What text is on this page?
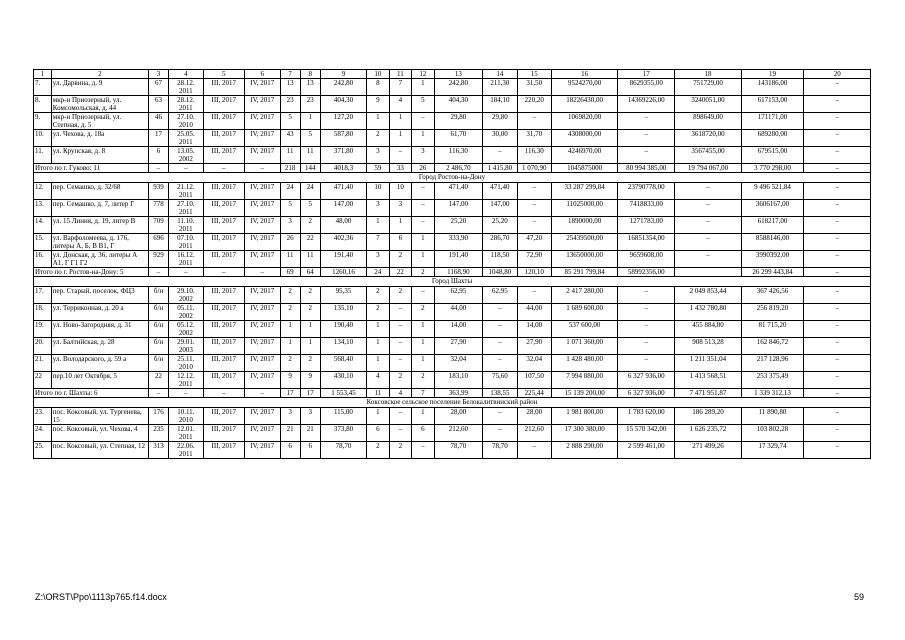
1	2	3	4	5	6	7	8	9	10	11	12	13	14	15	16	17	18	19	20
7.	ул. Дарвина, д. 9	67	28.12. 2011	III, 2017	IV, 2017	13	13	242,80	8	7	1	242,80	211,30	31,50	9524270,00	8629355,00	751729,00	143186,00	–
8.	мкр-н Приозерный, ул. Комсомольская, д. 44	63	28.12. 2011	III, 2017	IV, 2017	23	23	404,30	9	4	5	404,30	184,10	220,20	18226430,00	14369226,00	3240051,00	617153,00	–
9.	мкр-н Приозерный, ул. Степная, д. 5	46	27.10. 2010	III, 2017	IV, 2017	5	1	127,20	1	1	–	29,80	29,80	–	1069820,00	–	898649,00	171171,00	–
10.	ул. Чехова, д. 18а	17	25.05. 2011	III, 2017	IV, 2017	43	5	587,80	2	1	1	61,70	30,00	31,70	4308000,00	–	3618720,00	689280,00	–
11.	ул. Крупская, д. 8	6	13.05. 2002	III, 2017	IV, 2017	11	11	371,80	3	–	3	116,30	–	116,30	4246970,00	–	3567455,00	679515,00	–
Итого по г. Гуково: 11		–	–	–	–	218	144	4018,3	59	33	26	2 486,70	1 415,80	1 070,90	1045875000	80 994 385,00	19 794 067,00	3 770 298,00	–
Город Ростов-на-Дону																			
12.	пер. Семашко, д. 32/68	939	21.12. 2011	III, 2017	IV, 2017	24	24	471,40	10	10	–	471,40	471,40	–	33 287 299,84	23790778,00	–	9 496 521,84	–
13.	пер. Семашко, д. 7, литер Г	778	27.10. 2011	III, 2017	IV, 2017	5	5	147,00	3	3	–	147,00	147,00	–	11025000,00	7418833,00	–	3606167,00	–
14.	ул. 15 Линия, д. 19, литер В	709	11.10. 2011	III, 2017	IV, 2017	3	2	48,00	1	1	–	25,20	25,20	–	1890000,00	1271783,00	–	618217,00	–
15.	ул. Варфоломеева, д. 176, литеры А, Б, В В1, Г	696	07.10. 2011	III, 2017	IV, 2017	26	22	402,36	7	6	1	333,90	286,70	47,20	25439500,00	16851354,00	–	8588146,00	–
16.	ул. Донская, д. 36, литеры А А1, Г Г1 Г2	929	16.12. 2011	III, 2017	IV, 2017	11	11	191,40	3	2	1	191,40	118,50	72,90	13650000,00	9659608,00	–	3990392,00	–
Итого по г. Ростов-на-Дону: 5		–	–	–	–	69	64	1260,16	24	22	2	1168,90	1048,80	120,10	85 291 799,84	58992356,00		26 299 443,84	–
Город Шахты																			
17.	пер. Старый, поселок, ФЦ3	б/н	29.10. 2002	III, 2017	IV, 2017	2	2	95,35	2	2	–	62,95	62,95	–	2 417 280,00	–	2 049 853,44	367 426,56	–
18.	ул. Терриконная, д. 20 а	б/н	05.11. 2002	III, 2017	IV, 2017	2	2	135,10	2	–	2	44,00	–	44,00	1 689 600,00	–	1 432 780,80	256 819,20	–
19.	ул. Ново-Загородняя, д. 31	б/н	05.12. 2002	III, 2017	IV, 2017	1	1	190,40	1	–	1	14,00	–	14,00	537 600,00	–	455 884,80	81 715,20	–
20.	ул. Балтийская, д. 28	б/н	29.01. 2003	III, 2017	IV, 2017	1	1	134,10	1	–	1	27,90	–	27,90	1 071 360,00	–	908 513,28	162 846,72	–
21.	ул. Володарского, д. 59 а	б/н	25.11. 2010	III, 2017	IV, 2017	2	2	568,40	1	–	1	32,04	–	32,04	1 428 480,00	–	1 211 351,04	217 128,96	–
22	пер.10 лет Октября, 5	22	12.12. 2011	III, 2017	IV, 2017	9	9	430,10	4	2	2	183,10	75,60	107,50	7 994 880,00	6 327 936,00	1 413 568,51	253 375,49	–
Итого по г. Шахты: 6		–	–	–	–	17	17	1 553,45	11	4	7	363,99	138,55	225,44	15 139 200,00	6 327 936,00	7 471 951,87	1 339 312,13	–
Коксовское сельское поселение Белокалитвинский район																			
23.	пос. Коксовый, ул. Тургенева, 15	176	10.11. 2010	III, 2017	IV, 2017	3	3	115,00	1	–	1	28,00	–	28,00	1 981 800,00	1 783 620,00	186 289,20	11 890,80	–
24.	пос. Коксовый, ул. Чехова, 4	235	12.01. 2011	III, 2017	IV, 2017	21	21	373,80	6	–	6	212,60	–	212,60	17 300 380,00	15 570 342,00	1 626 235,72	103 802,28	–
25.	пос. Коксовый, ул. Степная, 12	313	22.06. 2011	III, 2017	IV, 2017	6	6	78,70	2	2	–	78,70	78,70	–	2 888 290,00	2 599 461,00	271 499,26	17 329,74	–
Z:\ORST\Ppo\1113p765.f14.docx	59
